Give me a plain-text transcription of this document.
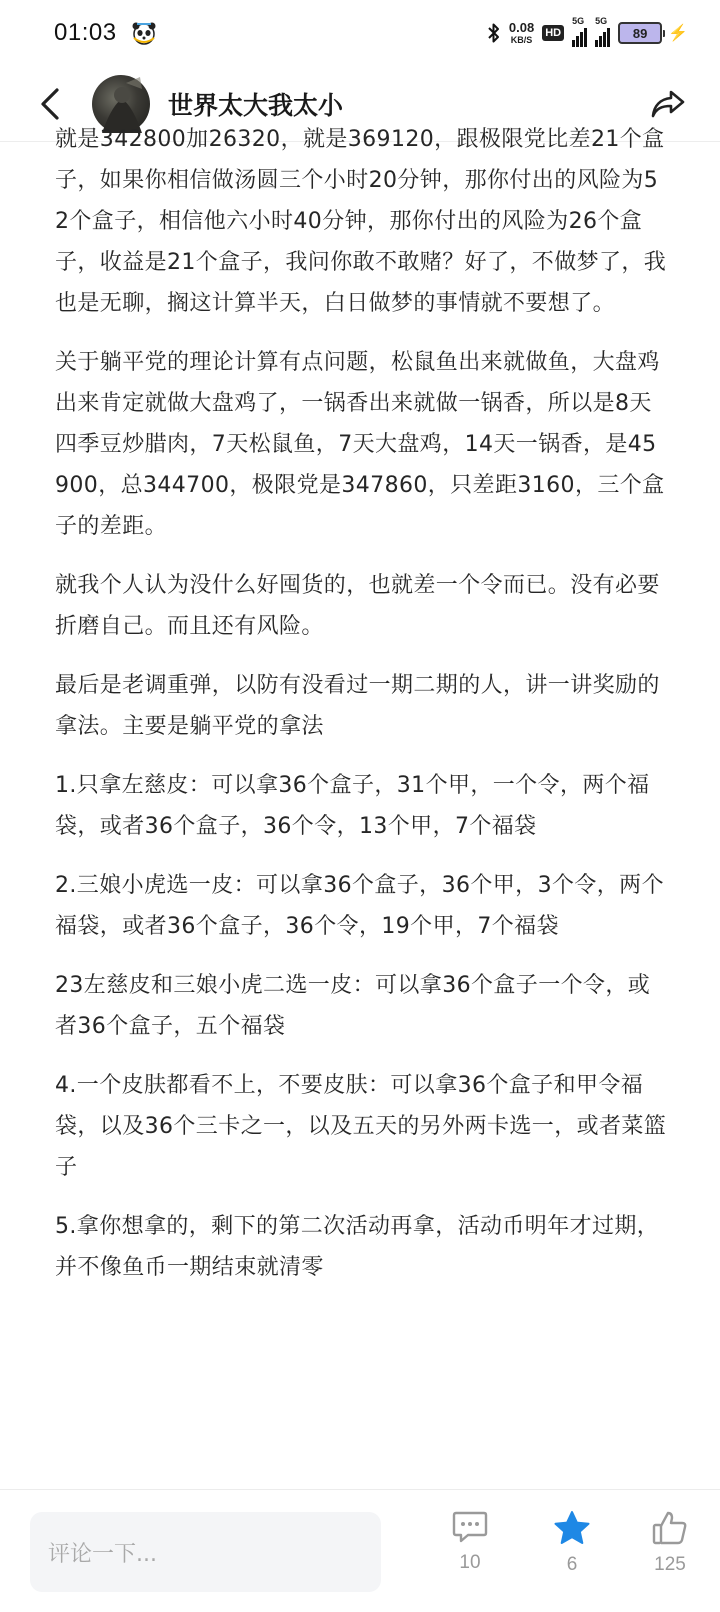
01:03	0.08
KB/S
HD
5G 5G
89	⚡
世界太大我太小

就是342800加26320，就是369120，跟极限党比差21个盒子，如果你相信做汤圆三个小时20分钟，那你付出的风险为52个盒子，相信他六小时40分钟，那你付出的风险为26个盒子，收益是21个盒子，我问你敢不敢赌？好了，不做梦了，我也是无聊，搁这计算半天，白日做梦的事情就不要想了。

关于躺平党的理论计算有点问题，松鼠鱼出来就做鱼，大盘鸡出来肯定就做大盘鸡了，一锅香出来就做一锅香，所以是8天四季豆炒腊肉，7天松鼠鱼，7天大盘鸡，14天一锅香，是45900，总344700，极限党是347860，只差距3160，三个盒子的差距。

就我个人认为没什么好囤货的，也就差一个令而已。没有必要折磨自己。而且还有风险。

最后是老调重弹，以防有没看过一期二期的人，讲一讲奖励的拿法。主要是躺平党的拿法

1.只拿左慈皮：可以拿36个盒子，31个甲，一个令，两个福袋，或者36个盒子，36个令，13个甲，7个福袋

2.三娘小虎选一皮：可以拿36个盒子，36个甲，3个令，两个福袋，或者36个盒子，36个令，19个甲，7个福袋

23左慈皮和三娘小虎二选一皮：可以拿36个盒子一个令，或者36个盒子，五个福袋

4.一个皮肤都看不上，不要皮肤：可以拿36个盒子和甲令福袋，以及36个三卡之一，以及五天的另外两卡选一，或者菜篮子

5.拿你想拿的，剩下的第二次活动再拿，活动币明年才过期，并不像鱼币一期结束就清零

评论一下...	10	6	125
